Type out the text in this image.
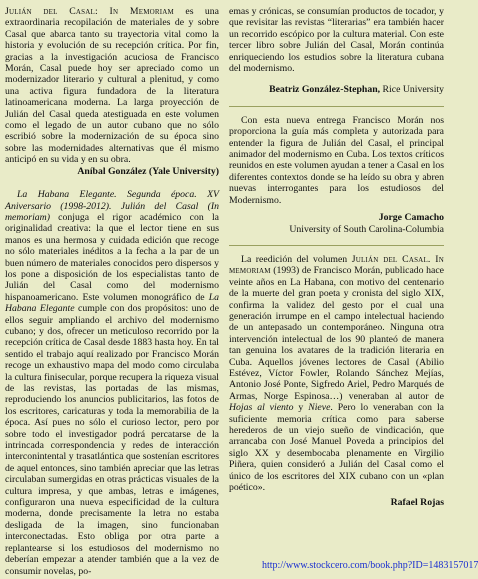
Julián del Casal: In Memoriam es una extraordinaria recopilación de materiales de y sobre Casal que abarca tanto su trayectoria vital como la historia y evolución de su recepción crítica. Por fin, gracias a la investigación acuciosa de Francisco Morán, Casal puede hoy ser apreciado como un modernizador literario y cultural a plenitud, y como una activa figura fundadora de la literatura latinoamericana moderna. La larga proyección de Julián del Casal queda atestiguada en este volumen como el legado de un autor cubano que no sólo escribió sobre la modernización de su época sino sobre las modernidades alternativas que él mismo anticipó en su vida y en su obra.

Aníbal González (Yale University)

La Habana Elegante. Segunda época. XV Aniversario (1998-2012). Julián del Casal (In memoriam) conjuga el rigor académico con la originalidad creativa: la que el lector tiene en sus manos es una hermosa y cuidada edición que recoge no sólo materiales inéditos a la fecha a la par de un buen número de materiales conocidos pero dispersos y los pone a disposición de los especialistas tanto de Julián del Casal como del modernismo hispanoamericano. Este volumen monográfico de La Habana Elegante cumple con dos propósitos: uno de ellos seguir ampliando el archivo del modernismo cubano; y dos, ofrecer un meticuloso recorrido por la recepción crítica de Casal desde 1883 hasta hoy. En tal sentido el trabajo aquí realizado por Francisco Morán recoge un exhaustivo mapa del modo como circulaba la cultura finisecular, porque recupera la riqueza visual de las revistas, las portadas de las mismas, reproduciendo los anuncios publicitarios, las fotos de los escritores, caricaturas y toda la memorabilia de la época. Así pues no sólo el curioso lector, pero por sobre todo el investigador podrá percatarse de la intrincada correspondencia y redes de interacción interconintental y trasatlántica que sostenían escritores de aquel entonces, sino también apreciar que las letras circulaban sumergidas en otras prácticas visuales de la cultura impresa, y que ambas, letras e imágenes, configuraron una nueva especificidad de la cultura moderna, donde precisamente la letra no estaba desligada de la imagen, sino funcionaban interconectadas. Esto obliga por otra parte a replantearse si los estudiosos del modernismo no deberían empezar a atender también que a la vez de consumir novelas, po-

emas y crónicas, se consumían productos de tocador, y que revisitar las revistas “literarias” era también hacer un recorrido escópico por la cultura material. Con este tercer libro sobre Julián del Casal, Morán continúa enriqueciendo los estudios sobre la literatura cubana del modernismo.

Beatriz González-Stephan, Rice University

Con esta nueva entrega Francisco Morán nos proporciona la guía más completa y autorizada para entender la figura de Julián del Casal, el principal animador del modernismo en Cuba. Los textos críticos reunidos en este volumen ayudan a tener a Casal en los diferentes contextos donde se ha leído su obra y abren nuevas interrogantes para los estudiosos del Modernismo.

Jorge Camacho
University of South Carolina-Columbia

La reedición del volumen Julián del Casal. In memoriam (1993) de Francisco Morán, publicado hace veinte años en La Habana, con motivo del centenario de la muerte del gran poeta y cronista del siglo XIX, confirma la validez del gesto por el cual una generación irrumpe en el campo intelectual haciendo de un antepasado un contemporáneo. Ninguna otra intervención intelectual de los 90 planteó de manera tan genuina los avatares de la tradición literaria en Cuba. Aquellos jóvenes lectores de Casal (Abilio Estévez, Víctor Fowler, Rolando Sánchez Mejías, Antonio José Ponte, Sigfredo Ariel, Pedro Marqués de Armas, Norge Espinosa…) veneraban al autor de Hojas al viento y Nieve. Pero lo veneraban con la suficiente memoria crítica como para saberse herederos de un viejo sueño de vindicación, que arrancaba con José Manuel Poveda a principios del siglo XX y desembocaba plenamente en Virgilio Piñera, quien consideró a Julián del Casal como el único de los escritores del XIX cubano con un «plan poético».

Rafael Rojas

http://www.stockcero.com/book.php?ID=1483157017
